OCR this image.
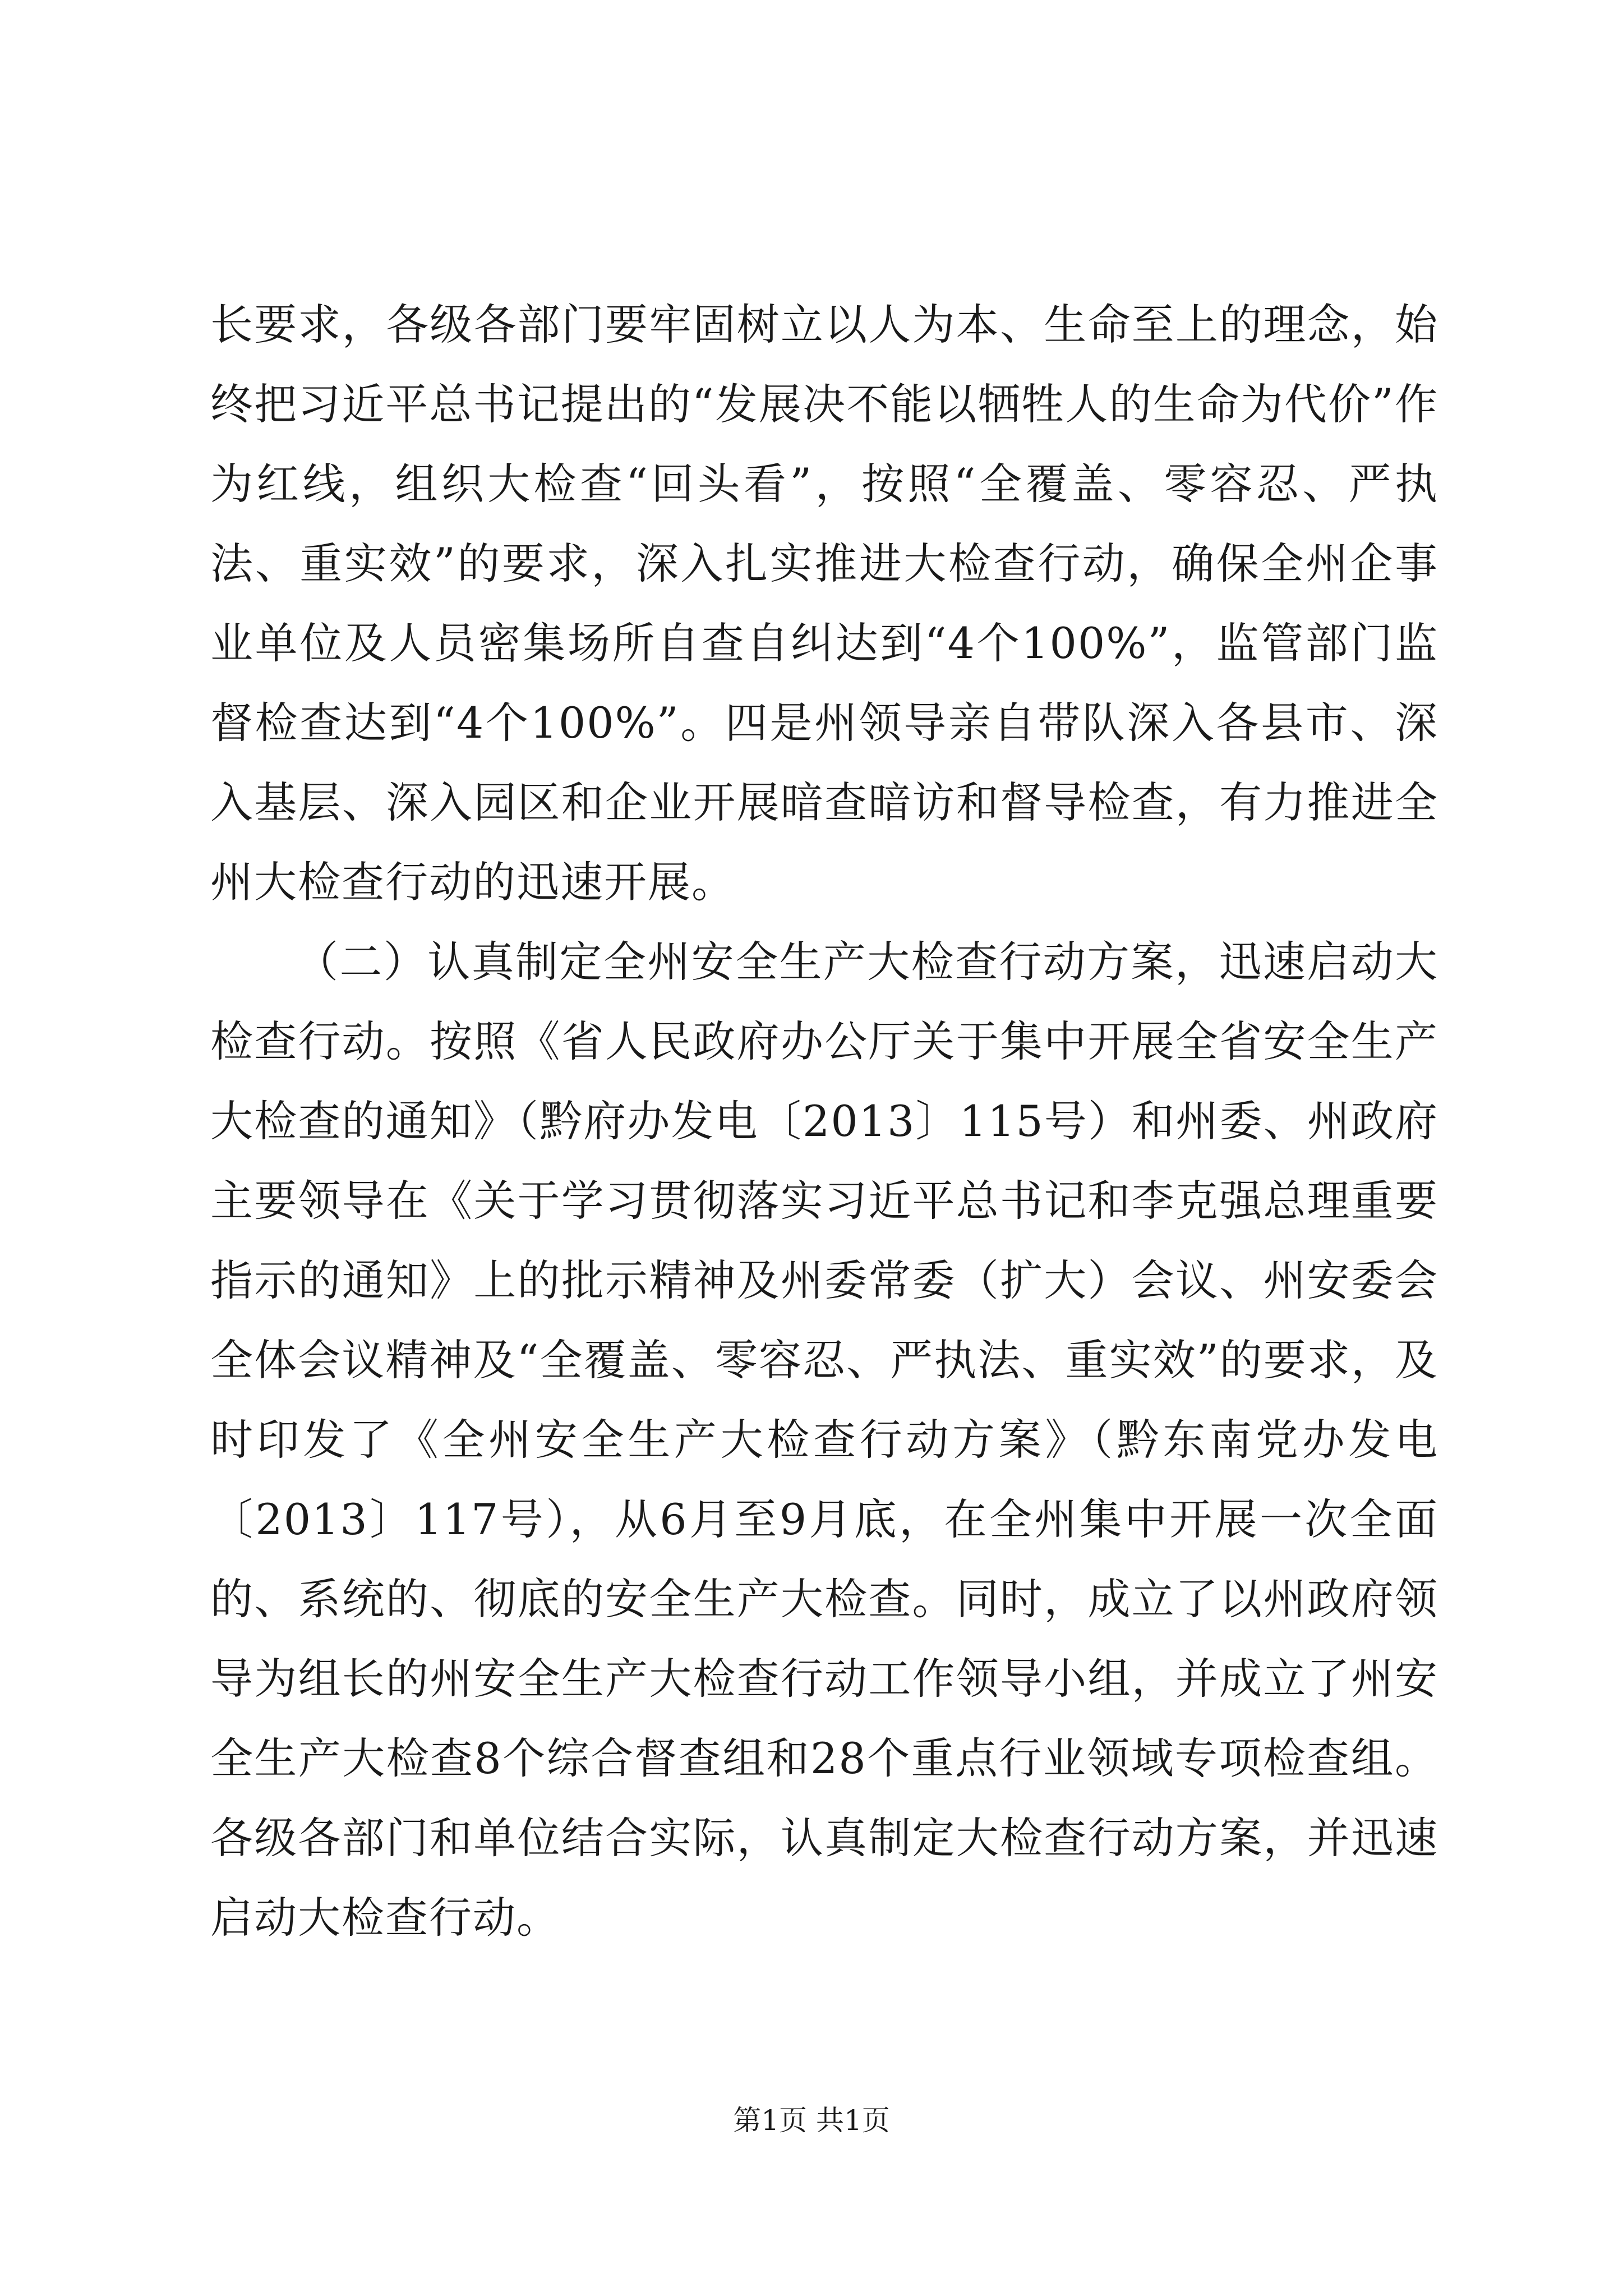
长要求，各级各部门要牢固树立以人为本、生命至上的理念，始终把习近平总书记提出的“发展决不能以牺牲人的生命为代价”作为红线，组织大检查“回头看”，按照“全覆盖、零容忍、严执法、重实效”的要求，深入扎实推进大检查行动，确保全州企事业单位及人员密集场所自查自纠达到“4个100%”，监管部门监督检查达到“4个100%”。四是州领导亲自带队深入各县市、深入基层、深入园区和企业开展暗查暗访和督导检查，有力推进全州大检查行动的迅速开展。

（二）认真制定全州安全生产大检查行动方案，迅速启动大检查行动。按照《省人民政府办公厅关于集中开展全省安全生产大检查的通知》（黔府办发电〔2013〕115号）和州委、州政府主要领导在《关于学习贯彻落实习近平总书记和李克强总理重要指示的通知》上的批示精神及州委常委（扩大）会议、州安委会全体会议精神及“全覆盖、零容忍、严执法、重实效”的要求，及时印发了《全州安全生产大检查行动方案》（黔东南党办发电〔2013〕117号），从6月至9月底，在全州集中开展一次全面的、系统的、彻底的安全生产大检查。同时，成立了以州政府领导为组长的州安全生产大检查行动工作领导小组，并成立了州安全生产大检查8个综合督查组和28个重点行业领域专项检查组。各级各部门和单位结合实际，认真制定大检查行动方案，并迅速启动大检查行动。

第1页 共1页
